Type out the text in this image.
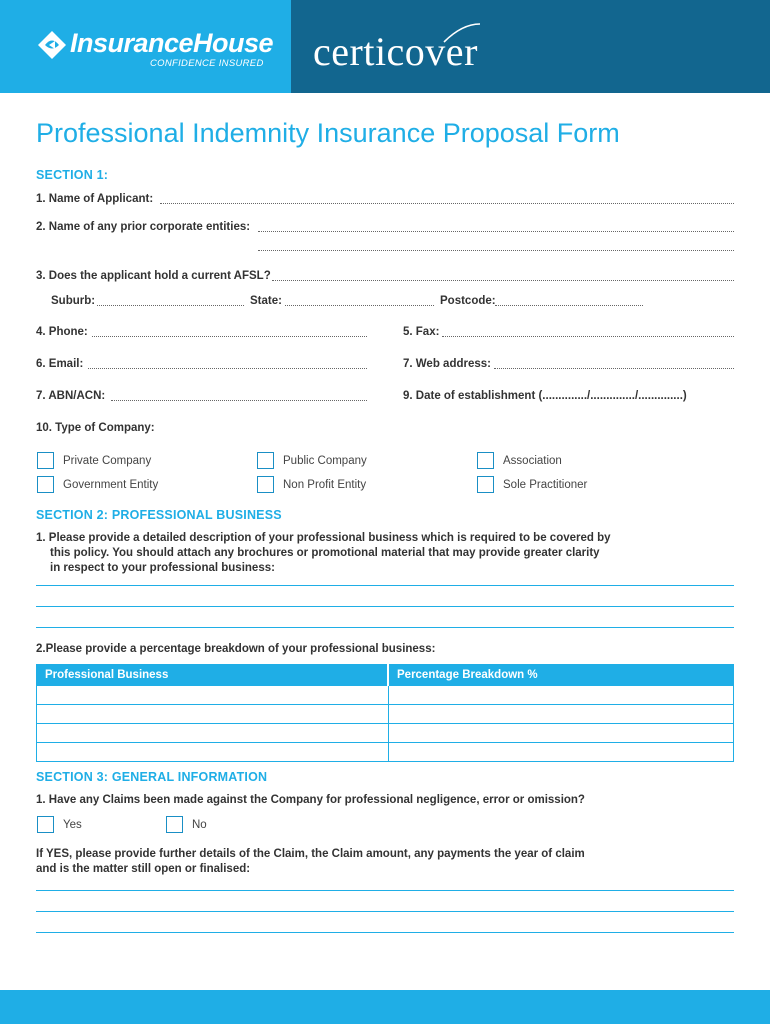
InsuranceHouse
CONFIDENCE INSURED certicover
Professional Indemnity Insurance Proposal Form
SECTION 1:
1. Name of Applicant:
2. Name of any prior corporate entities:
3. Does the applicant hold a current AFSL?
Suburb:	State:	Postcode:
4. Phone:	5. Fax:
6. Email:	7. Web address:
7. ABN/ACN:	9. Date of establishment (............../............../..............)
10. Type of Company:
Private Company	Public Company	Association
Government Entity	Non Profit Entity	Sole Practitioner
SECTION 2: PROFESSIONAL BUSINESS
1. Please provide a detailed description of your professional business which is required to be covered by
this policy. You should attach any brochures or promotional material that may provide greater clarity
in respect to your professional business:
2.Please provide a percentage breakdown of your professional business:
Professional Business	Percentage Breakdown %

SECTION 3: GENERAL INFORMATION
1. Have any Claims been made against the Company for professional negligence, error or omission?
Yes	No
If YES, please provide further details of the Claim, the Claim amount, any payments the year of claim
and is the matter still open or finalised:
